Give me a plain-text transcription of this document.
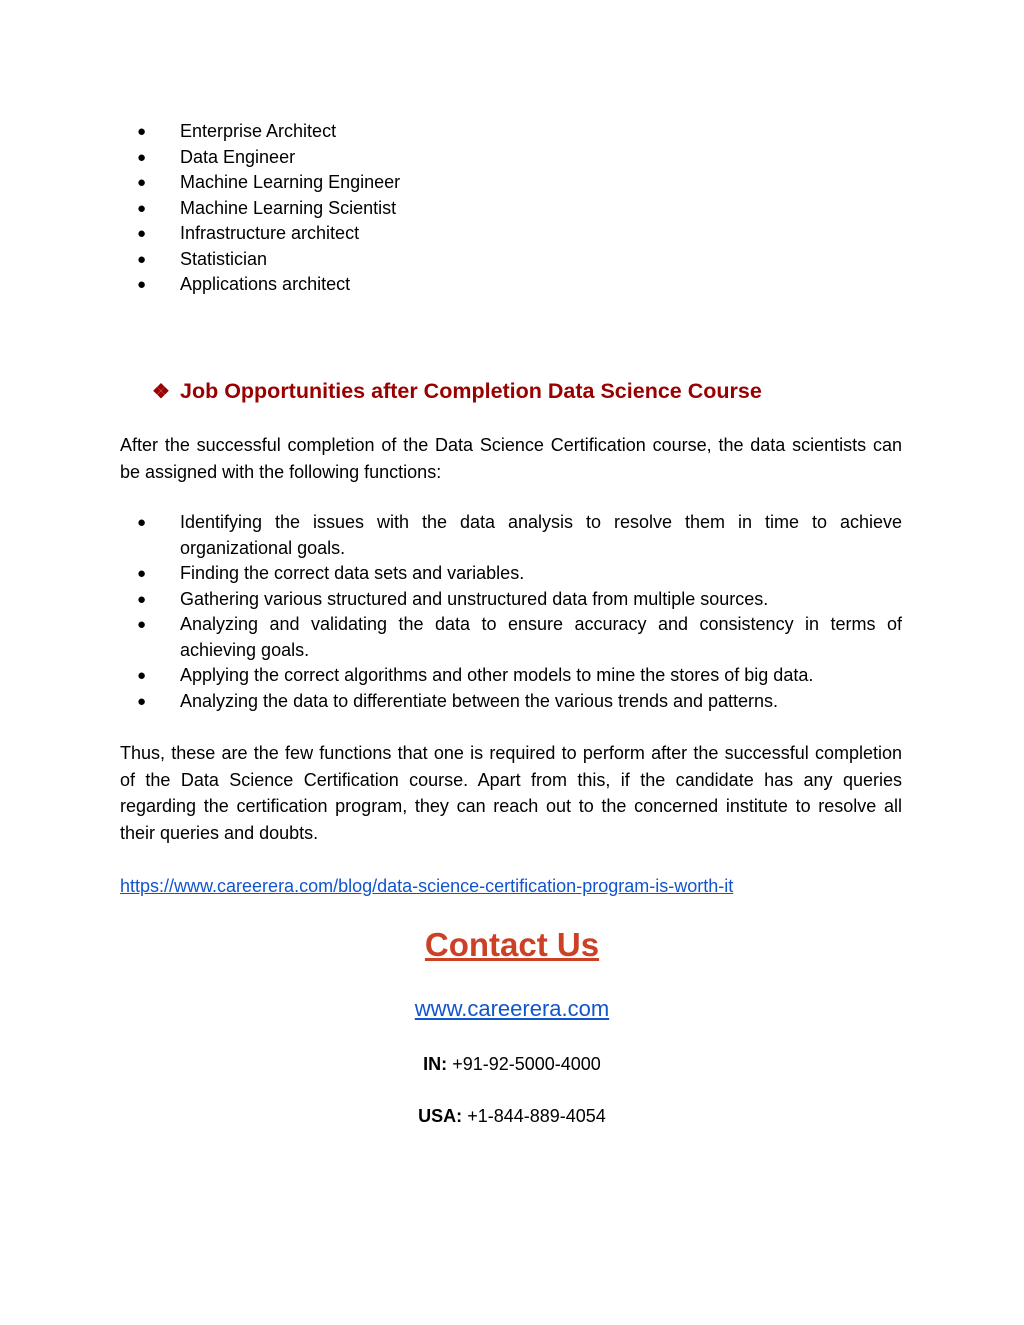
● Enterprise Architect
● Data Engineer
● Machine Learning Engineer
● Machine Learning Scientist
● Infrastructure architect
● Statistician
● Applications architect
❖ Job Opportunities after Completion Data Science Course

After the successful completion of the Data Science Certification course, the data scientists can be assigned with the following functions:

● Identifying the issues with the data analysis to resolve them in time to achieve organizational goals.
● Finding the correct data sets and variables.
● Gathering various structured and unstructured data from multiple sources.
● Analyzing and validating the data to ensure accuracy and consistency in terms of achieving goals.
● Applying the correct algorithms and other models to mine the stores of big data.
● Analyzing the data to differentiate between the various trends and patterns.

Thus, these are the few functions that one is required to perform after the successful completion of the Data Science Certification course. Apart from this, if the candidate has any queries regarding the certification program, they can reach out to the concerned institute to resolve all their queries and doubts.

https://www.careerera.com/blog/data-science-certification-program-is-worth-it
Contact Us
www.careerera.com
IN: +91-92-5000-4000
USA: +1-844-889-4054
